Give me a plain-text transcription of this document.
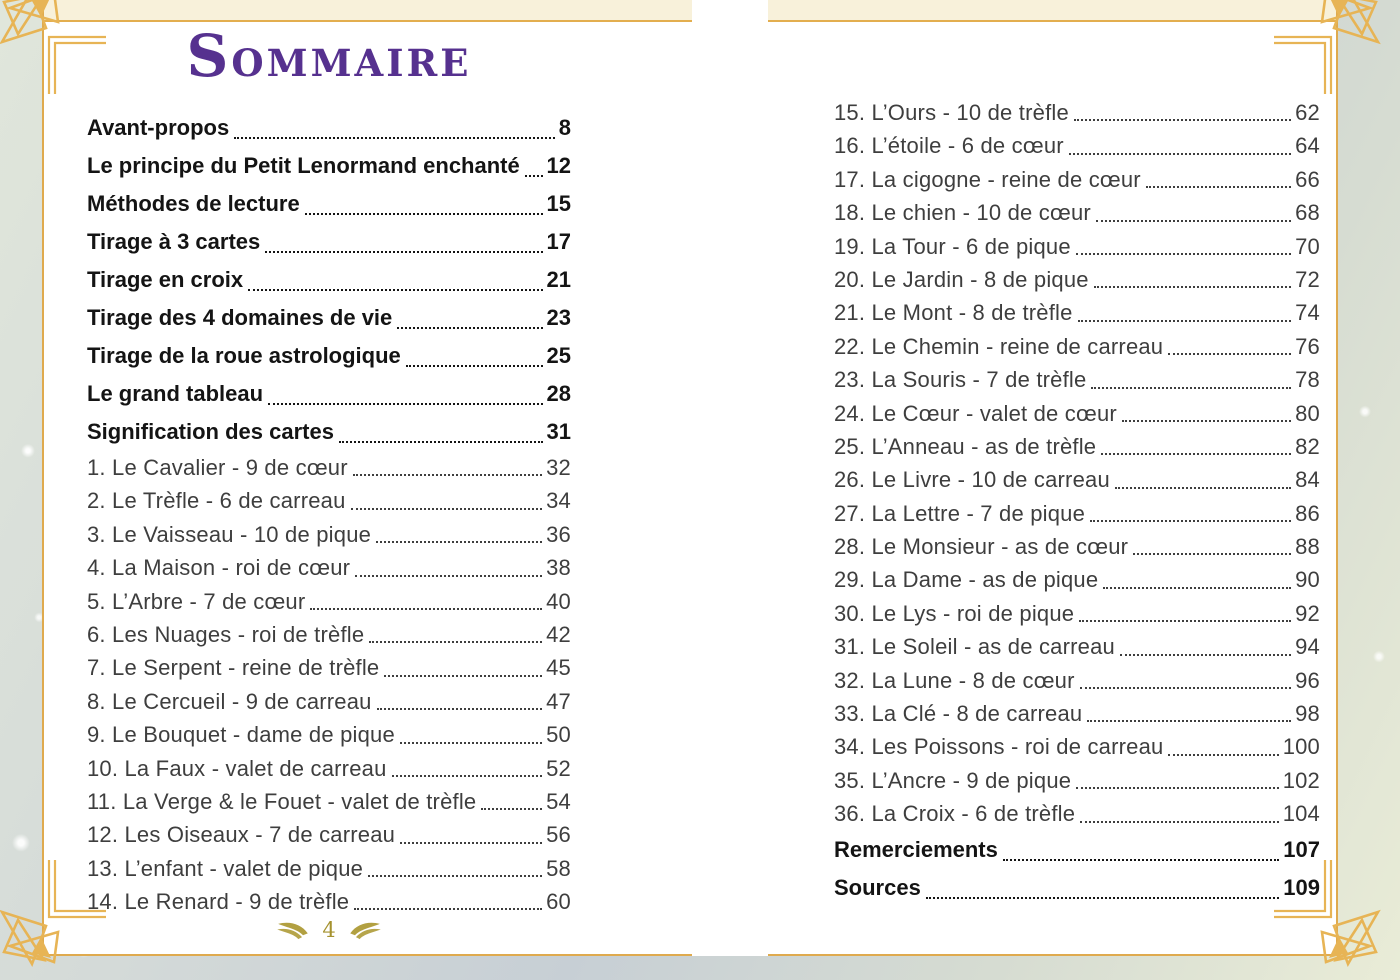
SOMMAIRE
Avant-propos	8
Le principe du Petit Lenormand enchanté 12
Méthodes de lecture	15
Tirage à 3 cartes	17
Tirage en croix	21
Tirage des 4 domaines de vie	23
Tirage de la roue astrologique	25
Le grand tableau	28
Signification des cartes	31
1. Le Cavalier - 9 de cœur	32
2. Le Trèfle - 6 de carreau	34
3. Le Vaisseau - 10 de pique	36
4. La Maison - roi de cœur	38
5. L’Arbre - 7 de cœur	40
6. Les Nuages - roi de trèfle	42
7. Le Serpent - reine de trèfle	45
8. Le Cercueil - 9 de carreau	47
9. Le Bouquet - dame de pique	50
10. La Faux - valet de carreau	52
11. La Verge & le Fouet - valet de trèfle	54
12. Les Oiseaux - 7 de carreau	56
13. L’enfant - valet de pique	58
14. Le Renard - 9 de trèfle	60
4
15. L’Ours - 10 de trèfle	62
16. L’étoile - 6 de cœur	64
17. La cigogne - reine de cœur	66
18. Le chien - 10 de cœur	68
19. La Tour - 6 de pique	70
20. Le Jardin - 8 de pique	72
21. Le Mont - 8 de trèfle	74
22. Le Chemin - reine de carreau	76
23. La Souris - 7 de trèfle	78
24. Le Cœur - valet de cœur	80
25. L’Anneau - as de trèfle	82
26. Le Livre - 10 de carreau	84
27. La Lettre - 7 de pique	86
28. Le Monsieur - as de cœur	88
29. La Dame - as de pique	90
30. Le Lys - roi de pique	92
31. Le Soleil - as de carreau	94
32. La Lune - 8 de cœur	96
33. La Clé - 8 de carreau	98
34. Les Poissons - roi de carreau	100
35. L’Ancre - 9 de pique	102
36. La Croix - 6 de trèfle	104
Remerciements	107
Sources	109
